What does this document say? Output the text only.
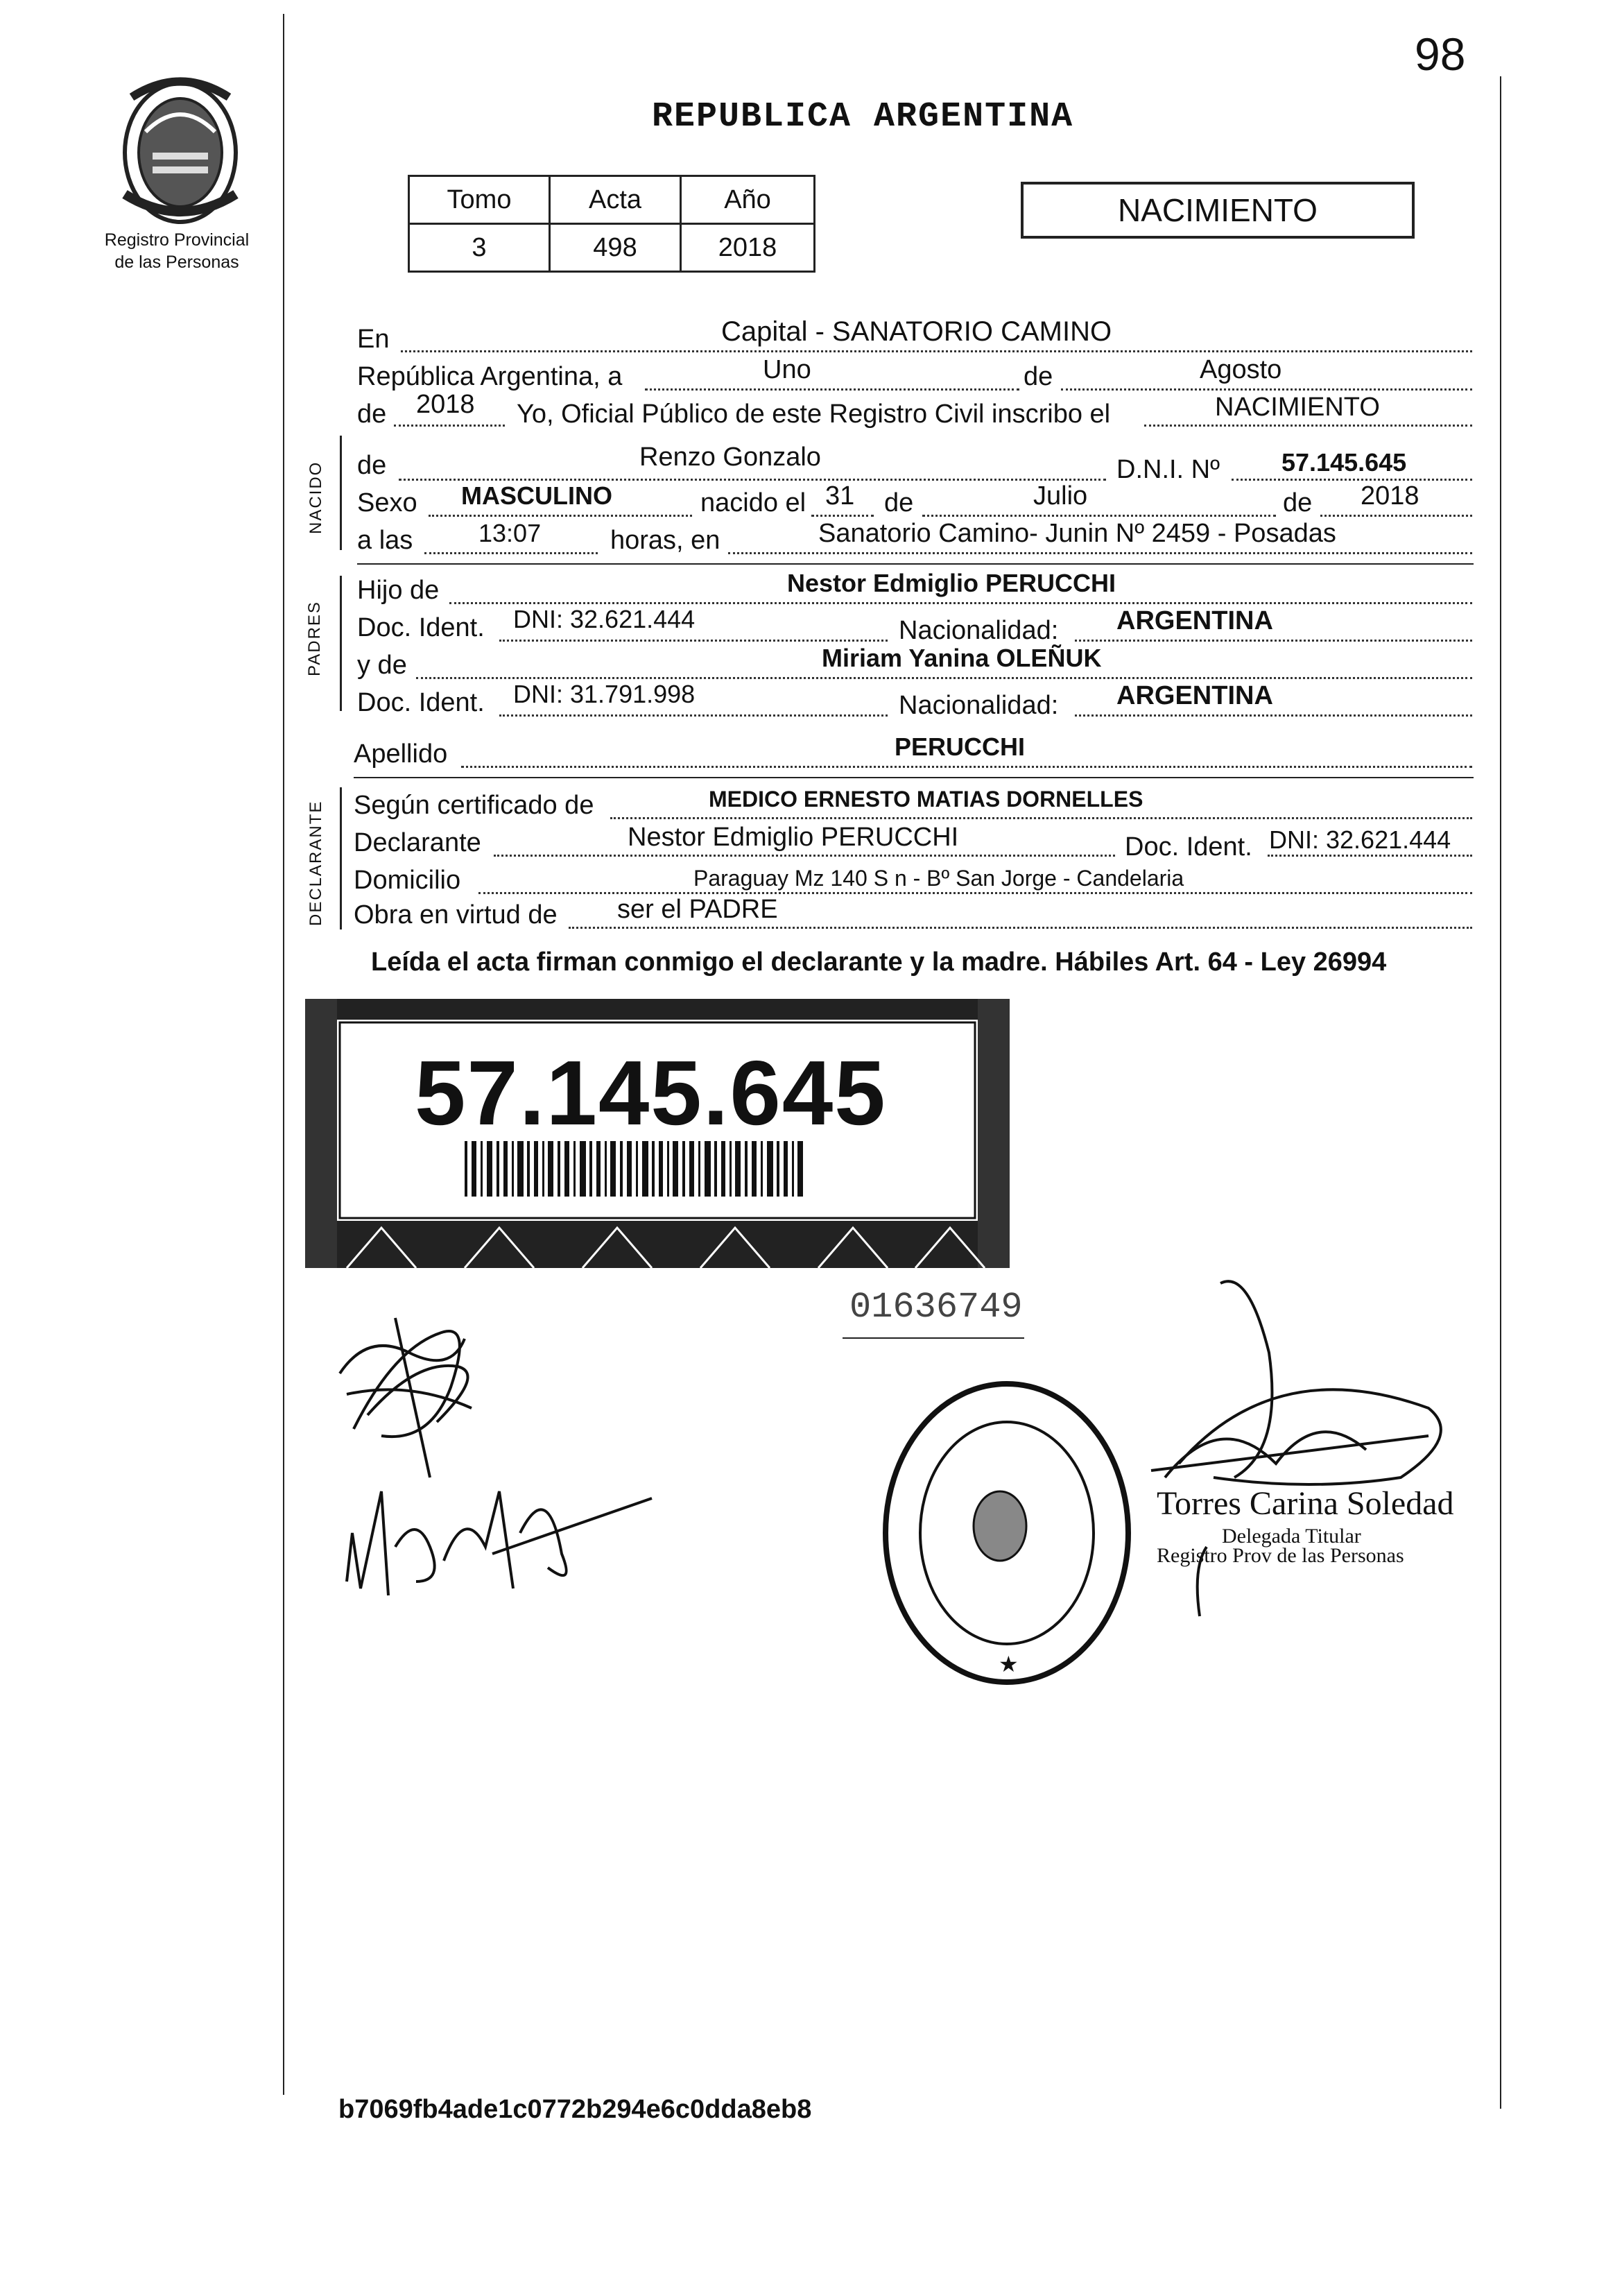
Registro Provincial
de las Personas
REPUBLICA ARGENTINA
98
Tomo	Acta	Año
3	498	2018
NACIMIENTO
En	Capital - SANATORIO CAMINO
República Argentina, a	Uno	de	Agosto
de 2018 Yo, Oficial Público de este Registro Civil inscribo el	NACIMIENTO
NACIDO de	Renzo Gonzalo	D.N.I. Nº 57.145.645
Sexo MASCULINO	nacido el 31 de	Julio	de 2018
a las	13:07	horas, en	Sanatorio Camino- Junin Nº 2459 - Posadas
PADRES
Hijo de	Nestor Edmiglio PERUCCHI
Doc. Ident. DNI: 32.621.444	Nacionalidad: ARGENTINA
y de	Miriam Yanina OLEÑUK
Doc. Ident. DNI: 31.791.998	Nacionalidad: ARGENTINA
Apellido	PERUCCHI
DECLARANTE Según certificado de	MEDICO ERNESTO MATIAS DORNELLES
Declarante	Nestor Edmiglio PERUCCHI	Doc. Ident. DNI: 32.621.444
Domicilio	Paraguay Mz 140 S n - Bº San Jorge - Candelaria
Obra en virtud de ser el PADRE
Leída el acta firman conmigo el declarante y la madre. Hábiles Art. 64 - Ley 26994
57.145.645
01636749
★
Torres Carina Soledad
Delegada Titular
Registro Prov de las Personas
b7069fb4ade1c0772b294e6c0dda8eb8
